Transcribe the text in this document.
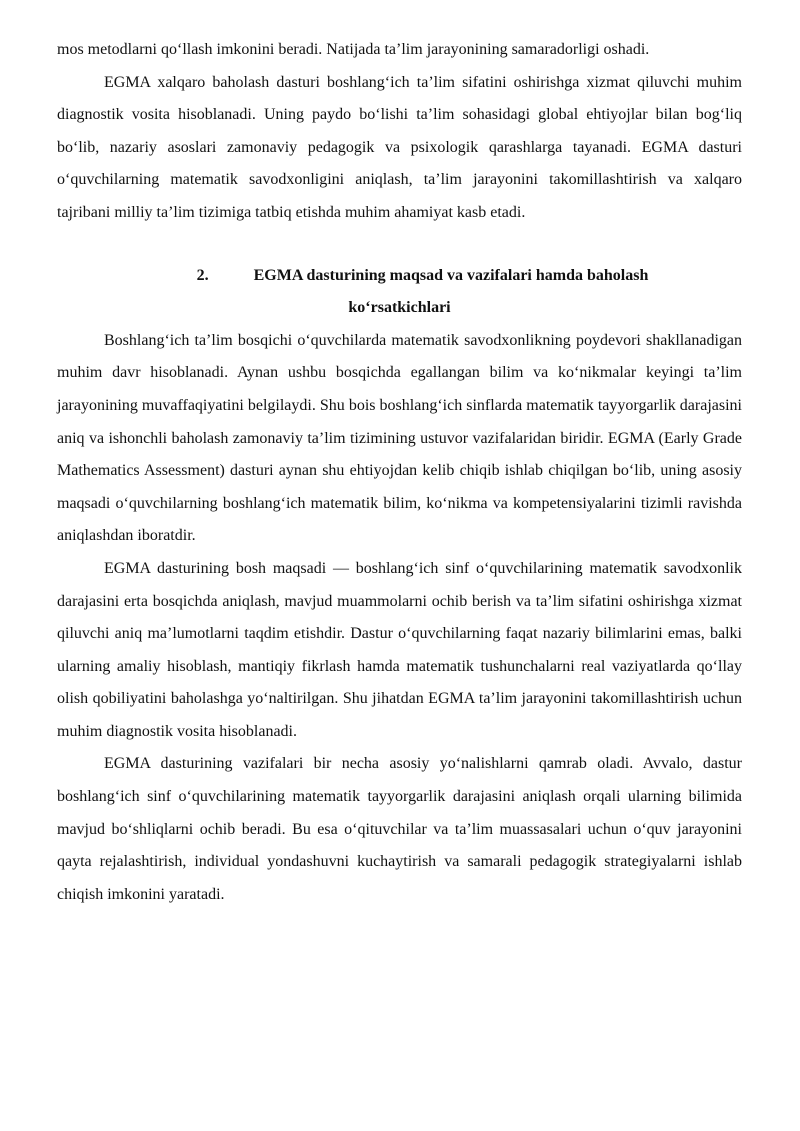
mos metodlarni qo‘llash imkonini beradi. Natijada ta’lim jarayonining samaradorligi oshadi.

EGMA xalqaro baholash dasturi boshlang‘ich ta’lim sifatini oshirishga xizmat qiluvchi muhim diagnostik vosita hisoblanadi. Uning paydo bo‘lishi ta’lim sohasidagi global ehtiyojlar bilan bog‘liq bo‘lib, nazariy asoslari zamonaviy pedagogik va psixologik qarashlarga tayanadi. EGMA dasturi o‘quvchilarning matematik savodxonligini aniqlash, ta’lim jarayonini takomillashtirish va xalqaro tajribani milliy ta’lim tizimiga tatbiq etishda muhim ahamiyat kasb etadi.

2.	EGMA dasturining maqsad va vazifalari hamda baholash
ko‘rsatkichlari

Boshlang‘ich ta’lim bosqichi o‘quvchilarda matematik savodxonlikning poydevori shakllanadigan muhim davr hisoblanadi. Aynan ushbu bosqichda egallangan bilim va ko‘nikmalar keyingi ta’lim jarayonining muvaffaqiyatini belgilaydi. Shu bois boshlang‘ich sinflarda matematik tayyorgarlik darajasini aniq va ishonchli baholash zamonaviy ta’lim tizimining ustuvor vazifalaridan biridir. EGMA (Early Grade Mathematics Assessment) dasturi aynan shu ehtiyojdan kelib chiqib ishlab chiqilgan bo‘lib, uning asosiy maqsadi o‘quvchilarning boshlang‘ich matematik bilim, ko‘nikma va kompetensiyalarini tizimli ravishda aniqlashdan iboratdir.

EGMA dasturining bosh maqsadi — boshlang‘ich sinf o‘quvchilarining matematik savodxonlik darajasini erta bosqichda aniqlash, mavjud muammolarni ochib berish va ta’lim sifatini oshirishga xizmat qiluvchi aniq ma’lumotlarni taqdim etishdir. Dastur o‘quvchilarning faqat nazariy bilimlarini emas, balki ularning amaliy hisoblash, mantiqiy fikrlash hamda matematik tushunchalarni real vaziyatlarda qo‘llay olish qobiliyatini baholashga yo‘naltirilgan. Shu jihatdan EGMA ta’lim jarayonini takomillashtirish uchun muhim diagnostik vosita hisoblanadi.

EGMA dasturining vazifalari bir necha asosiy yo‘nalishlarni qamrab oladi. Avvalo, dastur boshlang‘ich sinf o‘quvchilarining matematik tayyorgarlik darajasini aniqlash orqali ularning bilimida mavjud bo‘shliqlarni ochib beradi. Bu esa o‘qituvchilar va ta’lim muassasalari uchun o‘quv jarayonini qayta rejalashtirish, individual yondashuvni kuchaytirish va samarali pedagogik strategiyalarni ishlab chiqish imkonini yaratadi.
